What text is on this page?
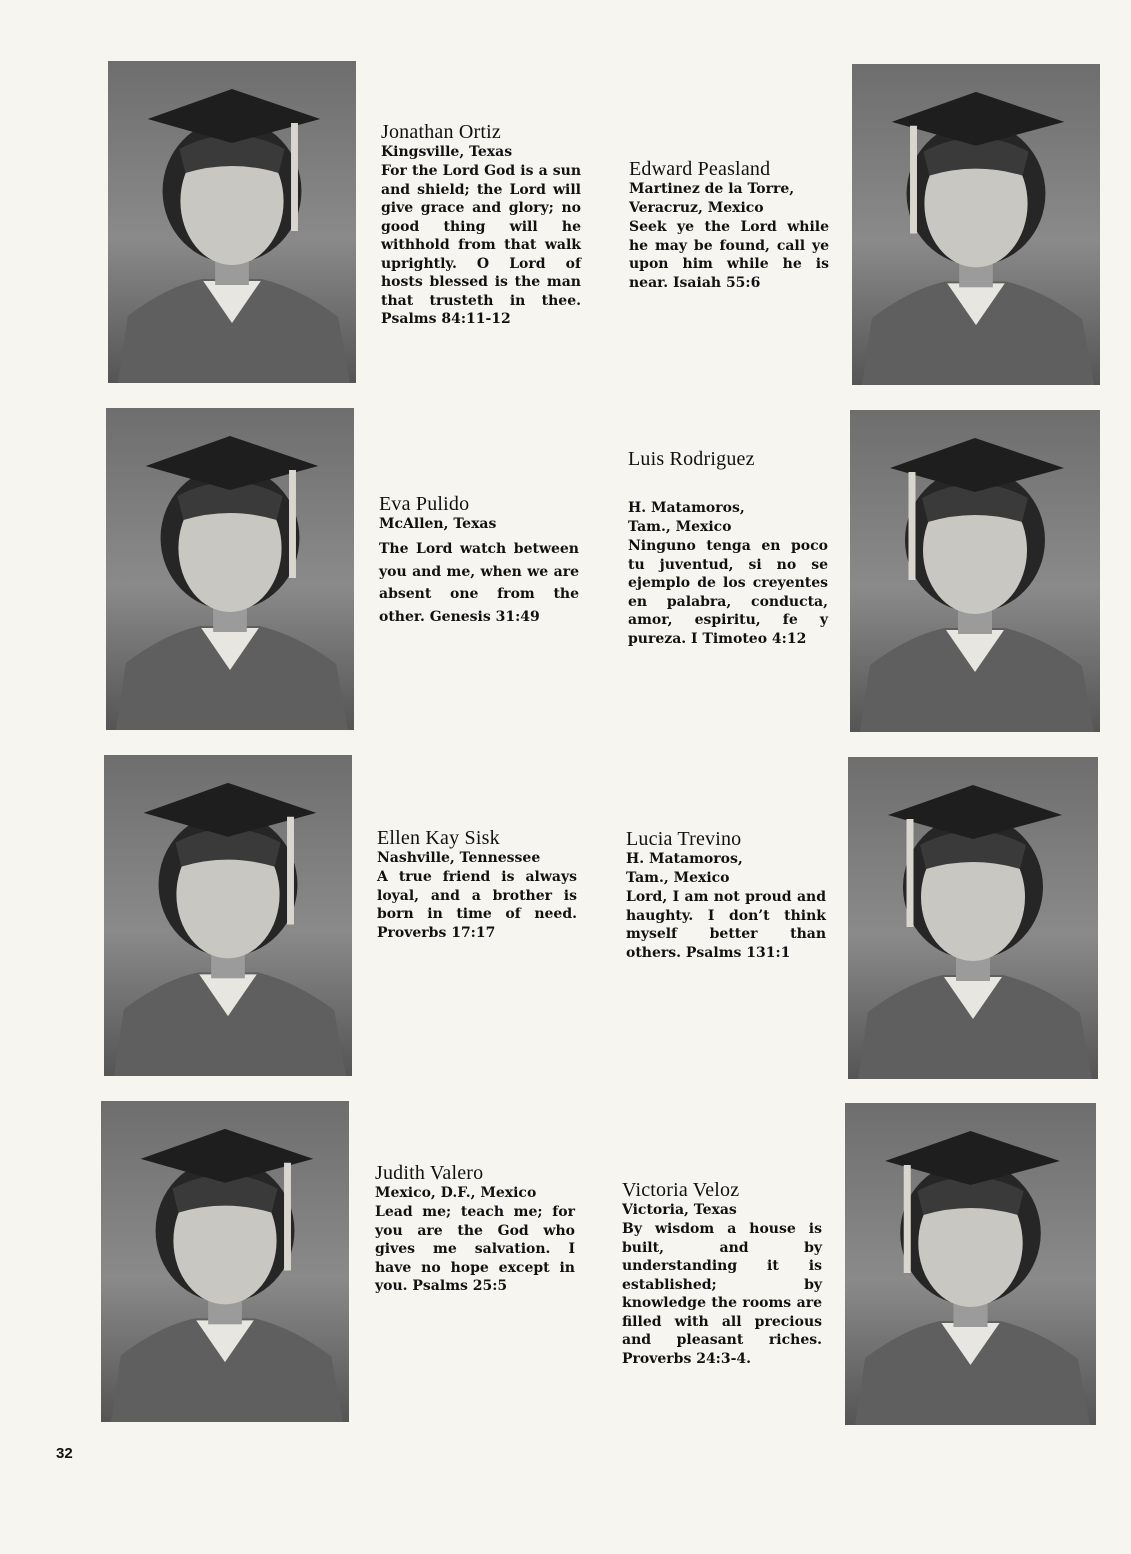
Jonathan Ortiz

Kingsville, Texas

For the Lord God is a sun and shield; the Lord will give grace and glory; no good thing will he withhold from that walk uprightly. O Lord of hosts blessed is the man that trusteth in thee. Psalms 84:11-12

Edward Peasland

Martinez de la Torre,

Veracruz, Mexico

Seek ye the Lord while he may be found, call ye upon him while he is near. Isaiah 55:6

Eva Pulido

McAllen, Texas

The Lord watch between you and me, when we are absent one from the other. Genesis 31:49

Luis Rodriguez

H. Matamoros,

Tam., Mexico

Ninguno tenga en poco tu juventud, si no se ejemplo de los creyentes en palabra, conducta, amor, espiritu, fe y pureza. I Timoteo 4:12

Ellen Kay Sisk

Nashville, Tennessee

A true friend is always loyal, and a brother is born in time of need. Proverbs 17:17

Lucia Trevino

H. Matamoros,

Tam., Mexico

Lord, I am not proud and haughty. I don’t think myself better than others. Psalms 131:1

Judith Valero

Mexico, D.F., Mexico

Lead me; teach me; for you are the God who gives me salvation. I have no hope except in you. Psalms 25:5

Victoria Veloz

Victoria, Texas

By wisdom a house is built, and by understanding it is established; by knowledge the rooms are filled with all precious and pleasant riches. Proverbs 24:3-4.

32
